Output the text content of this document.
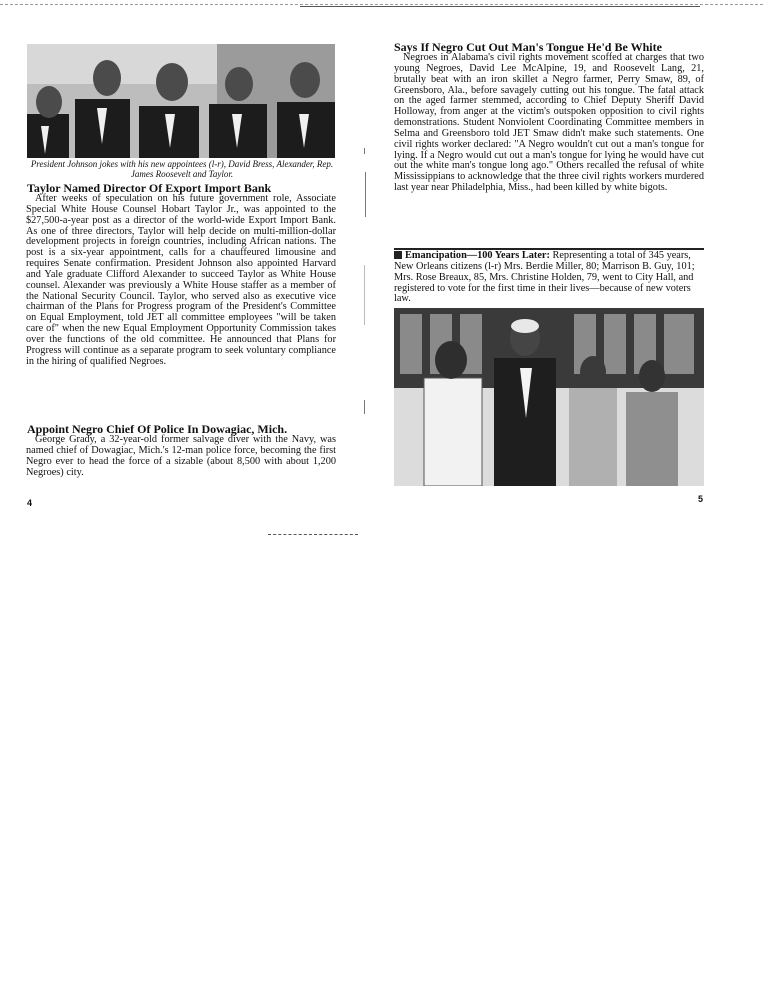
President Johnson jokes with his new appointees (l-r), David Bress, Alexander, Rep. James Roosevelt and Taylor.
Taylor Named Director Of Export Import Bank
After weeks of speculation on his future government role, Associate Special White House Counsel Hobart Taylor Jr., was appointed to the $27,500-a-year post as a director of the world-wide Export Import Bank. As one of three directors, Taylor will help decide on multi-million-dollar development projects in foreign countries, including African nations. The post is a six-year appointment, calls for a chauffeured limousine and requires Senate confirmation. President Johnson also appointed Harvard and Yale graduate Clifford Alexander to succeed Taylor as White House counsel. Alexander was previously a White House staffer as a member of the National Security Council. Taylor, who served also as executive vice chairman of the Plans for Progress program of the President's Committee on Equal Employment, told JET all committee employees "will be taken care of" when the new Equal Employment Opportunity Commission takes over the functions of the old committee. He announced that Plans for Progress will continue as a separate program to seek voluntary compliance in the hiring of qualified Negroes.
Appoint Negro Chief Of Police In Dowagiac, Mich.
George Grady, a 32-year-old former salvage diver with the Navy, was named chief of Dowagiac, Mich.'s 12-man police force, becoming the first Negro ever to head the force of a sizable (about 8,500 with about 1,200 Negroes) city.
4
Says If Negro Cut Out Man's Tongue He'd Be White
Negroes in Alabama's civil rights movement scoffed at charges that two young Negroes, David Lee McAlpine, 19, and Roosevelt Lang, 21, brutally beat with an iron skillet a Negro farmer, Perry Smaw, 89, of Greensboro, Ala., before savagely cutting out his tongue. The fatal attack on the aged farmer stemmed, according to Chief Deputy Sheriff David Holloway, from anger at the victim's outspoken opposition to civil rights demonstrations. Student Nonviolent Coordinating Committee members in Selma and Greensboro told JET Smaw didn't make such statements. One civil rights worker declared: "A Negro wouldn't cut out a man's tongue for lying. If a Negro would cut out a man's tongue for lying he would have cut out the white man's tongue long ago." Others recalled the refusal of white Mississippians to acknowledge that the three civil rights workers murdered last year near Philadelphia, Miss., had been killed by white bigots.
Emancipation—100 Years Later: Representing a total of 345 years, New Orleans citizens (l-r) Mrs. Berdie Miller, 80; Marrison B. Guy, 101; Mrs. Rose Breaux, 85, Mrs. Christine Holden, 79, went to City Hall, and registered to vote for the first time in their lives—because of new voters law.
5
